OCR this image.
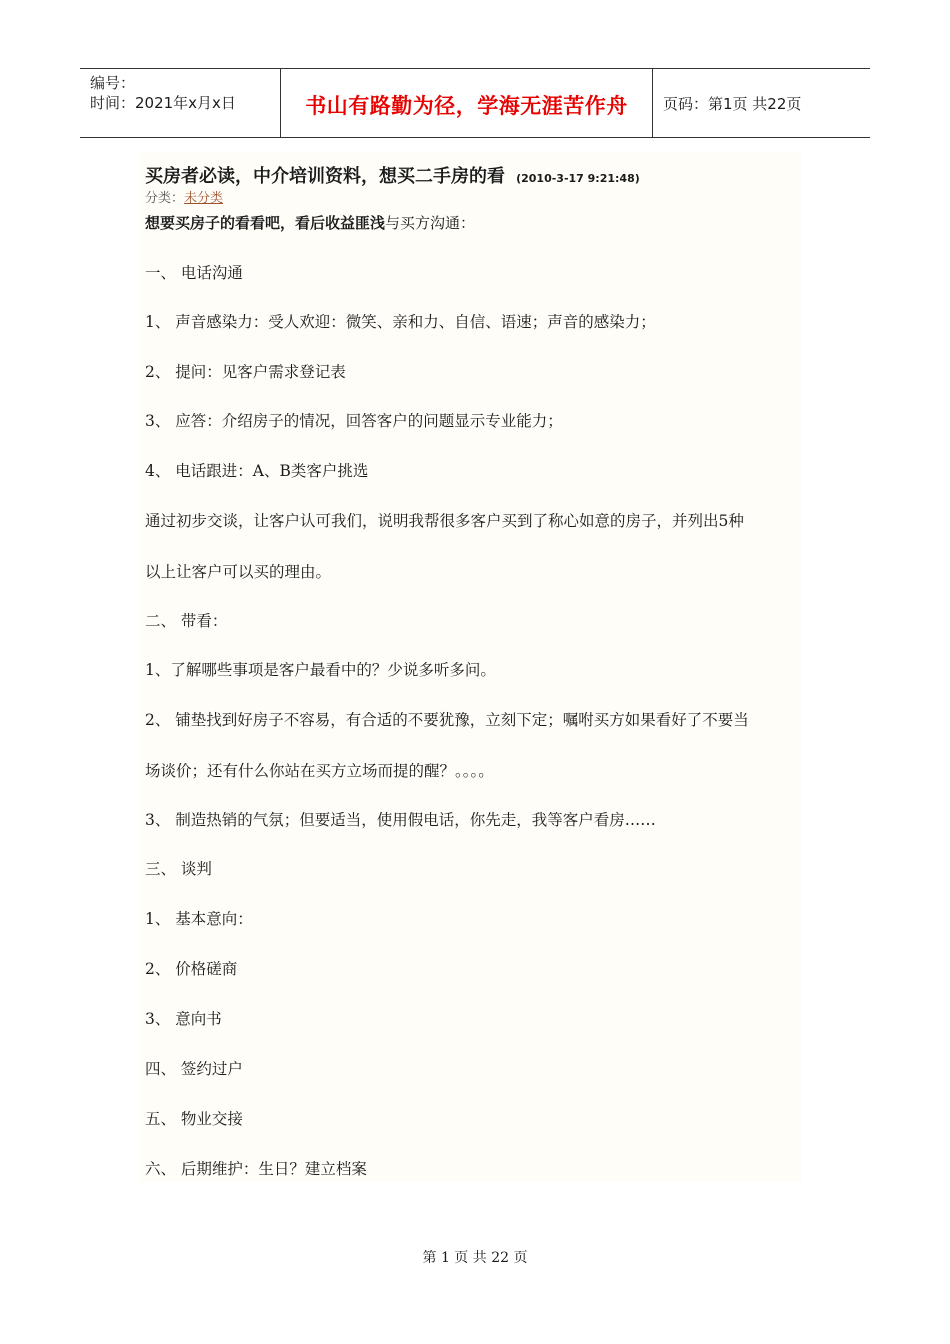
编号：
时间：2021年x月x日	书山有路勤为径，学海无涯苦作舟 页码：第1页 共22页
买房者必读，中介培训资料，想买二手房的看 (2010-3-17 9:21:48)
分类：未分类
想要买房子的看看吧，看后收益匪浅与买方沟通：
一、 电话沟通
1、 声音感染力：受人欢迎：微笑、亲和力、自信、语速；声音的感染力；
2、 提问：见客户需求登记表
3、 应答：介绍房子的情况，回答客户的问题显示专业能力；
4、 电话跟进：A、B类客户挑选
通过初步交谈，让客户认可我们，说明我帮很多客户买到了称心如意的房子，并列出5种
以上让客户可以买的理由。
二、 带看：
1、了解哪些事项是客户最看中的？少说多听多问。
2、 铺垫找到好房子不容易，有合适的不要犹豫，立刻下定；嘱咐买方如果看好了不要当
场谈价；还有什么你站在买方立场而提的醒？。。。。
3、 制造热销的气氛；但要适当，使用假电话，你先走，我等客户看房……
三、 谈判
1、 基本意向：
2、 价格磋商
3、 意向书
四、 签约过户
五、 物业交接
六、 后期维护：生日？建立档案
第 1 页 共 22 页
